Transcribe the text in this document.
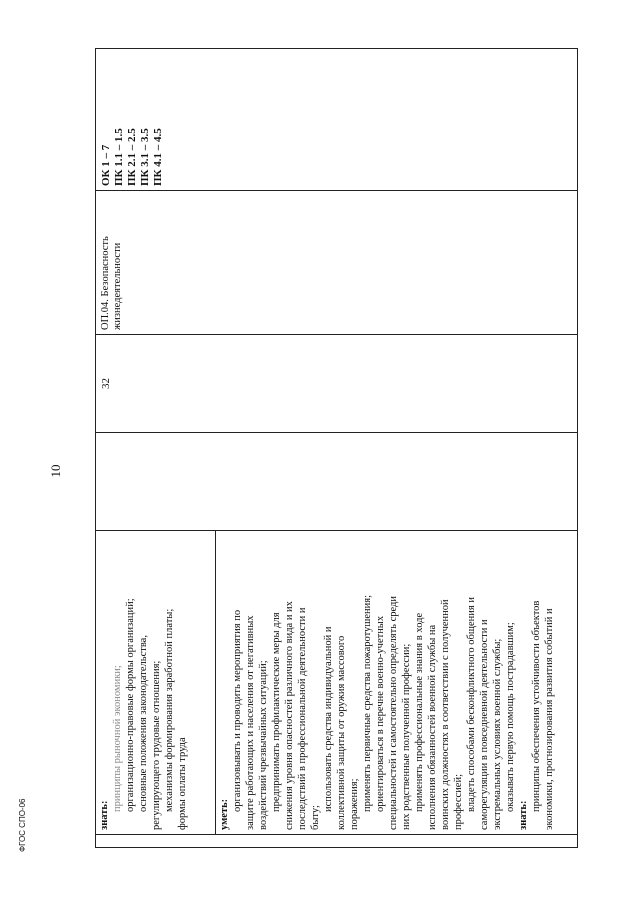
10
ФГОС СПО-06	знать:
принципы рыночной экономики; организационно-правовые формы организаций; основные положения законодательства, регулирующего трудовые отношения; механизмы формирования заработной платы; формы оплаты труда	уметь:
организовывать и проводить мероприятия по защите работающих и населения от негативных воздействий чрезвычайных ситуаций; предпринимать профилактические меры для снижения уровня опасностей различного вида и их последствий в профессиональной деятельности и быту;
использовать средства индивидуальной и коллективной защиты от оружия массового поражения; применять первичные средства пожаротушения; ориентироваться в перечне военно-учетных специальностей и самостоятельно определять среди них родственные полученной профессии; применять профессиональные знания в ходе исполнения обязанностей военной службы на воинских должностях в соответствии с полученной профессией; владеть способами бесконфликтного общения и саморегуляции в повседневной деятельности и экстремальных условиях военной службы; оказывать первую помощь пострадавшим;
знать:
принципы обеспечения устойчивости объектов экономики, прогнозирования развития событий и
32
ОП.04. Безопасность жизнедеятельности
ОК 1 – 7 ПК 1.1 – 1.5 ПК 2.1 – 2.5 ПК 3.1 – 3.5 ПК 4.1 – 4.5
